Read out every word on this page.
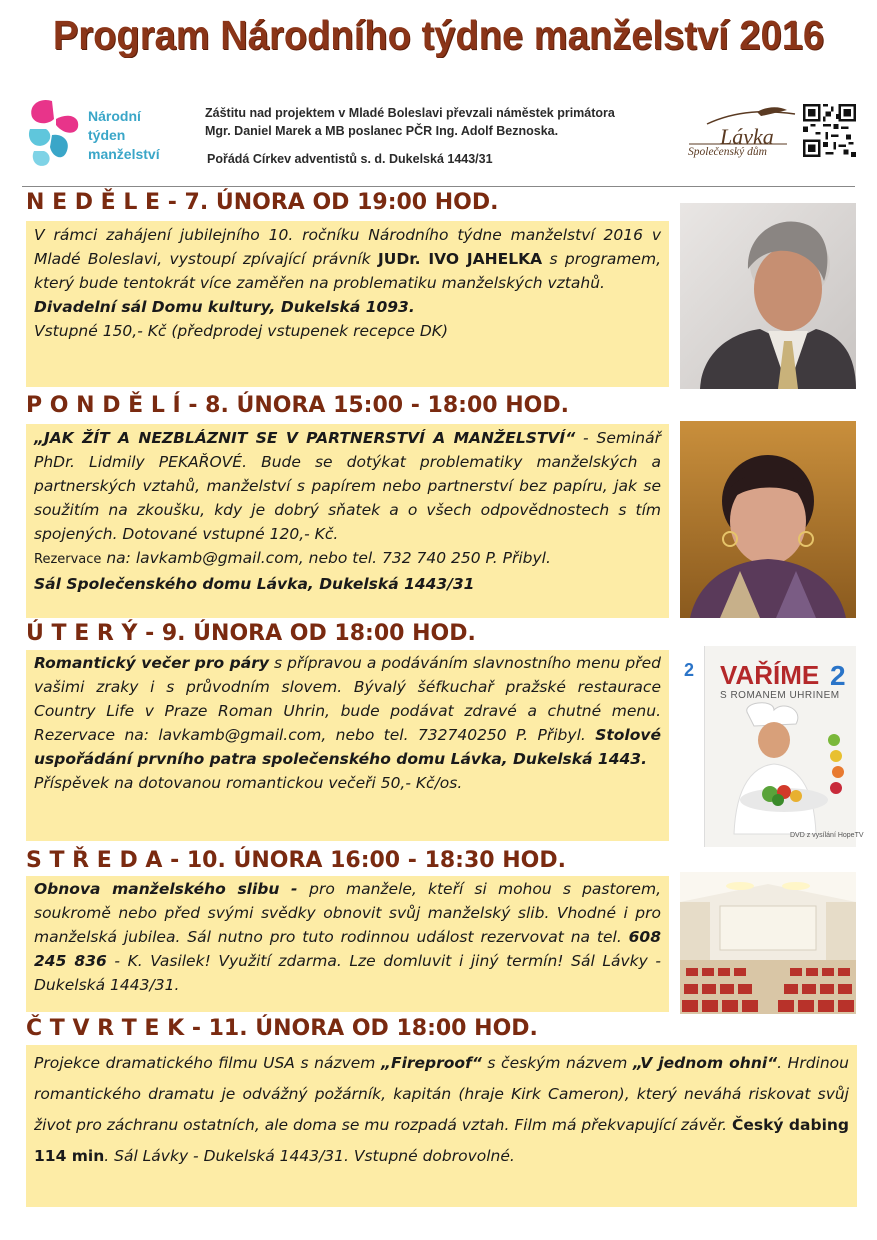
Program Národního týdne manželství 2016
Národní
týden
manželství
Záštitu nad projektem v Mladé Boleslavi převzali náměstek primátora
Mgr. Daniel Marek a MB poslanec PČR Ing. Adolf Beznoska.
Pořádá Církev adventistů s. d. Dukelská 1443/31
Lávka
Společenský dům
N E D Ě L E - 7. ÚNORA OD 19:00 HOD.

V rámci zahájení jubilejního 10. ročníku Národního týdne manželství 2016 v Mladé Boleslavi, vystoupí zpívající právník JUDr. IVO JAHELKA s programem, který bude tentokrát více zaměřen na problematiku manželských vztahů.

Divadelní sál Domu kultury, Dukelská 1093.

Vstupné 150,- Kč (předprodej vstupenek recepce DK)

P O N D Ě L Í - 8. ÚNORA 15:00 - 18:00 HOD.

„JAK ŽÍT A NEZBLÁZNIT SE V PARTNERSTVÍ A MANŽELSTVÍ“ - Seminář PhDr. Lidmily PEKAŘOVÉ. Bude se dotýkat problematiky manželských a partnerských vztahů, manželství s papírem nebo partnerství bez papíru, jak se soužitím na zkoušku, kdy je dobrý sňatek a o všech odpovědnostech s tím spojených. Dotované vstupné 120,- Kč.

Rezervace na: lavkamb@gmail.com, nebo tel. 732 740 250 P. Přibyl.

Sál Společenského domu Lávka, Dukelská 1443/31

Ú T E R Ý - 9. ÚNORA OD 18:00 HOD.

Romantický večer pro páry s přípravou a podáváním slavnostního menu před vašimi zraky i s průvodním slovem. Bývalý šéfkuchař pražské restaurace Country Life v Praze Roman Uhrin, bude podávat zdravé a chutné menu. Rezervace na: lavkamb@gmail.com, nebo tel. 732740250 P. Přibyl. Stolové uspořádání prvního patra společenského domu Lávka, Dukelská 1443.

Příspěvek na dotovanou romantickou večeři 50,- Kč/os.

2 VAŘÍME 2
S ROMANEM UHRINEM
DVD z vysílání HopeTV
S T Ř E D A - 10. ÚNORA 16:00 - 18:30 HOD.

Obnova manželského slibu - pro manžele, kteří si mohou s pastorem, soukromě nebo před svými svědky obnovit svůj manželský slib. Vhodné i pro manželská jubilea. Sál nutno pro tuto rodinnou událost rezervovat na tel. 608 245 836 - K. Vasilek! Využití zdarma. Lze domluvit i jiný termín! Sál Lávky - Dukelská 1443/31.

Č T V R T E K - 11. ÚNORA OD 18:00 HOD.

Projekce dramatického filmu USA s názvem „Fireproof“ s českým názvem „V jednom ohni“. Hrdinou romantického dramatu je odvážný požárník, kapitán (hraje Kirk Cameron), který neváhá riskovat svůj život pro záchranu ostatních, ale doma se mu rozpadá vztah. Film má překvapující závěr. Český dabing 114 min. Sál Lávky - Dukelská 1443/31. Vstupné dobrovolné.
